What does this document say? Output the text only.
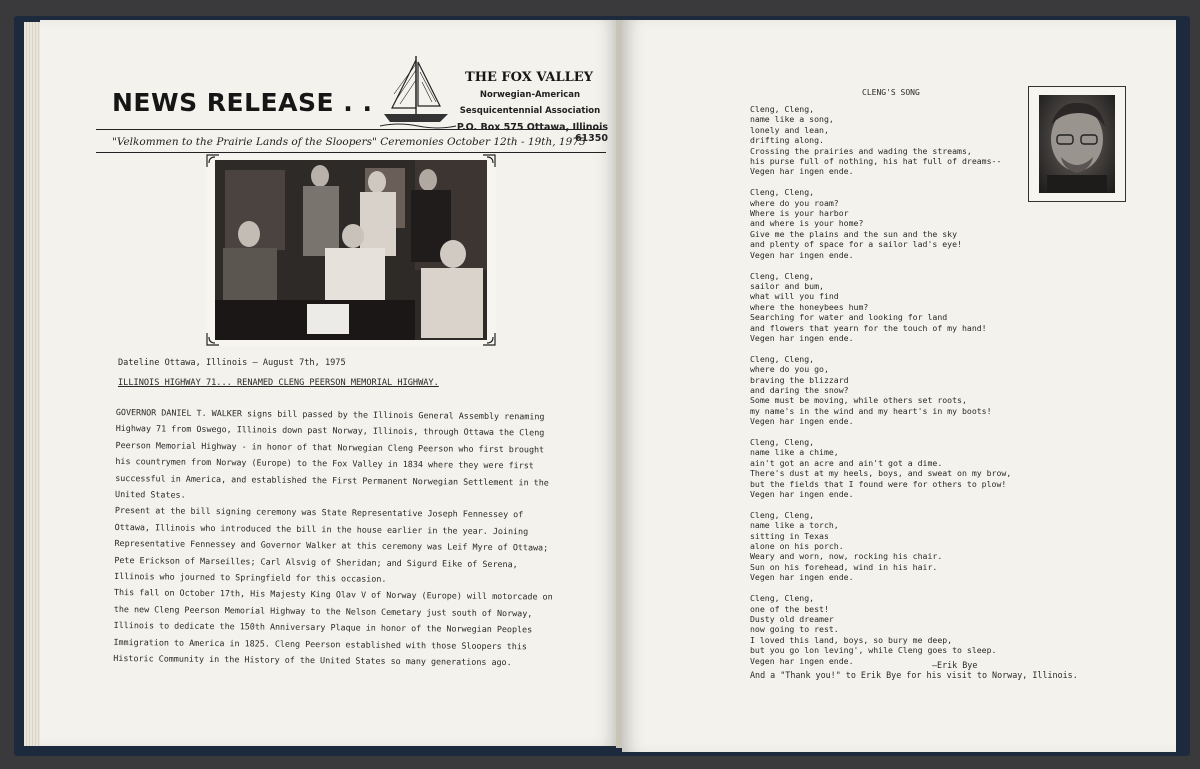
NEWS RELEASE . .
THE FOX VALLEY
Norwegian-American
Sesquicentennial Association
P.O. Box 575 Ottawa, Illinois 61350
"Velkommen to the Prairie Lands of the Sloopers" Ceremonies October 12th - 19th, 1975
Dateline Ottawa, Illinois — August 7th, 1975
ILLINOIS HIGHWAY 71... RENAMED CLENG PEERSON MEMORIAL HIGHWAY.

GOVERNOR DANIEL T. WALKER signs bill passed by the Illinois General Assembly renaming Highway 71 from Oswego, Illinois down past Norway, Illinois, through Ottawa the Cleng Peerson Memorial Highway - in honor of that Norwegian Cleng Peerson who first brought his countrymen from Norway (Europe) to the Fox Valley in 1834 where they were first successful in America, and established the First Permanent Norwegian Settlement in the United States.

Present at the bill signing ceremony was State Representative Joseph Fennessey of Ottawa, Illinois who introduced the bill in the house earlier in the year. Joining Representative Fennessey and Governor Walker at this ceremony was Leif Myre of Ottawa; Pete Erickson of Marseilles; Carl Alsvig of Sheridan; and Sigurd Eike of Serena, Illinois who journed to Springfield for this occasion.

This fall on October 17th, His Majesty King Olav V of Norway (Europe) will motorcade on the new Cleng Peerson Memorial Highway to the Nelson Cemetary just south of Norway, Illinois to dedicate the 150th Anniversary Plaque in honor of the Norwegian Peoples Immigration to America in 1825. Cleng Peerson established with those Sloopers this Historic Community in the History of the United States so many generations ago.

CLENG'S SONG
Cleng, Cleng,
name like a song,
lonely and lean,
drifting along.
Crossing the prairies and wading the streams,
his purse full of nothing, his hat full of dreams--
Vegen har ingen ende.

Cleng, Cleng,
where do you roam?
Where is your harbor
and where is your home?
Give me the plains and the sun and the sky
and plenty of space for a sailor lad's eye!
Vegen har ingen ende.

Cleng, Cleng,
sailor and bum,
what will you find
where the honeybees hum?
Searching for water and looking for land
and flowers that yearn for the touch of my hand!
Vegen har ingen ende.

Cleng, Cleng,
where do you go,
braving the blizzard
and daring the snow?
Some must be moving, while others set roots,
my name's in the wind and my heart's in my boots!
Vegen har ingen ende.

Cleng, Cleng,
name like a chime,
ain't got an acre and ain't got a dime.
There's dust at my heels, boys, and sweat on my brow,
but the fields that I found were for others to plow!
Vegen har ingen ende.

Cleng, Cleng,
name like a torch,
sitting in Texas
alone on his porch.
Weary and worn, now, rocking his chair.
Sun on his forehead, wind in his hair.
Vegen har ingen ende.

Cleng, Cleng,
one of the best!
Dusty old dreamer
now going to rest.
I loved this land, boys, so bury me deep,
but you go lon leving', while Cleng goes to sleep.
Vegen har ingen ende.	—Erik Bye
And a "Thank you!" to Erik Bye for his visit to Norway, Illinois.
